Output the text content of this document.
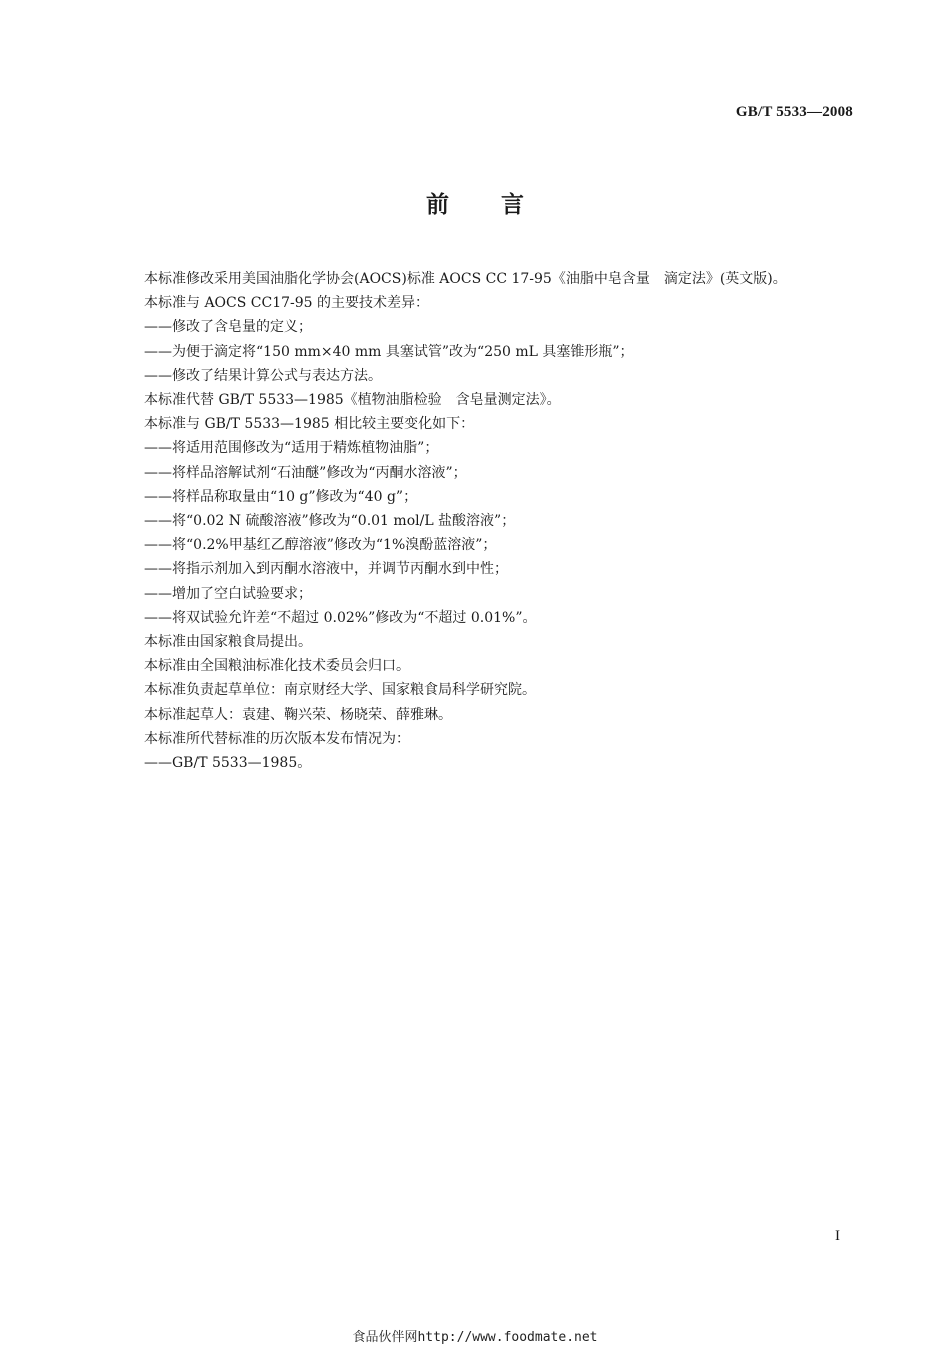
GB/T 5533—2008
前 言

本标准修改采用美国油脂化学协会(AOCS)标准 AOCS CC 17-95《油脂中皂含量　滴定法》(英文版)。

本标准与 AOCS CC17-95 的主要技术差异：

——修改了含皂量的定义；

——为便于滴定将“150 mm×40 mm 具塞试管”改为“250 mL 具塞锥形瓶”；

——修改了结果计算公式与表达方法。

本标准代替 GB/T 5533—1985《植物油脂检验　含皂量测定法》。

本标准与 GB/T 5533—1985 相比较主要变化如下：

——将适用范围修改为“适用于精炼植物油脂”；

——将样品溶解试剂“石油醚”修改为“丙酮水溶液”；

——将样品称取量由“10 g”修改为“40 g”；

——将“0.02 N 硫酸溶液”修改为“0.01 mol/L 盐酸溶液”；

——将“0.2%甲基红乙醇溶液”修改为“1%溴酚蓝溶液”；

——将指示剂加入到丙酮水溶液中，并调节丙酮水到中性；

——增加了空白试验要求；

——将双试验允许差“不超过 0.02%”修改为“不超过 0.01%”。

本标准由国家粮食局提出。

本标准由全国粮油标准化技术委员会归口。

本标准负责起草单位：南京财经大学、国家粮食局科学研究院。

本标准起草人：袁建、鞠兴荣、杨晓荣、薛雅琳。

本标准所代替标准的历次版本发布情况为：

——GB/T 5533—1985。

I
食品伙伴网http://www.foodmate.net
